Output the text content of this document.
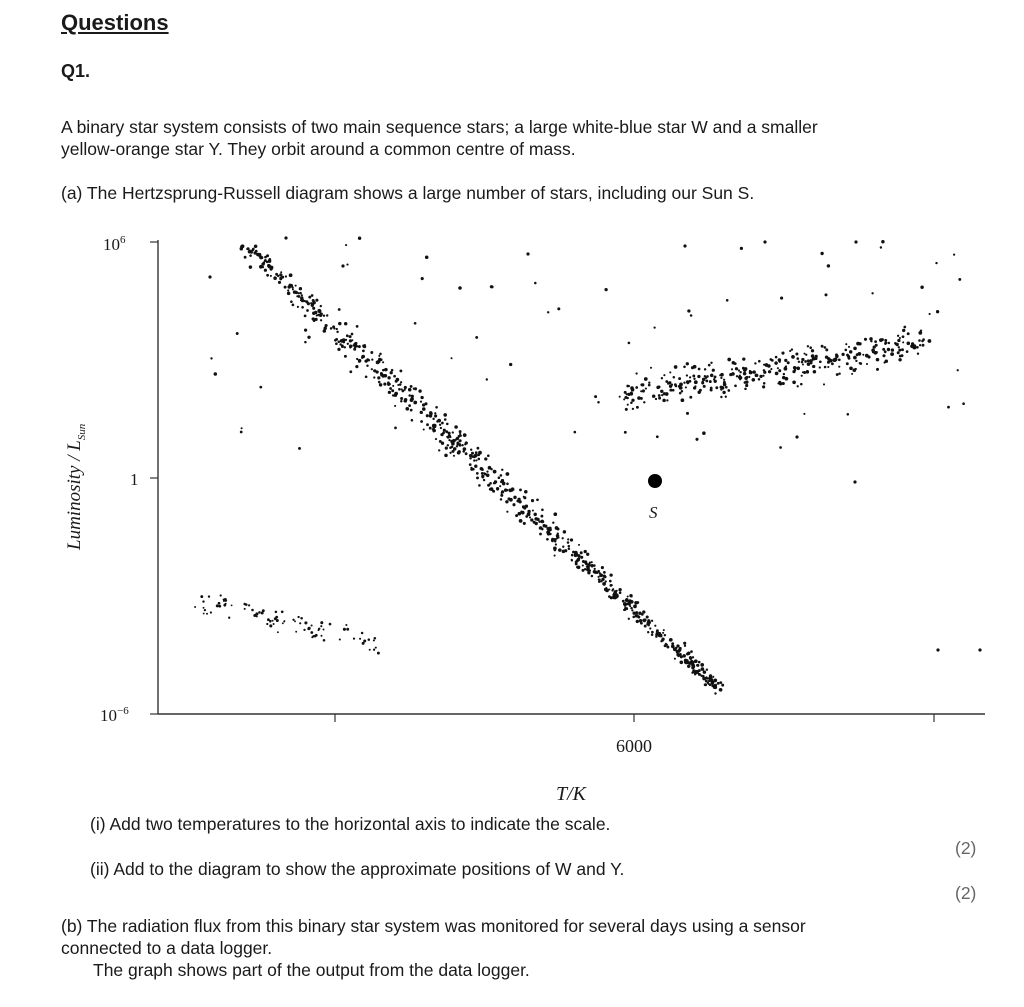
Questions
Q1.
A binary star system consists of two main sequence stars; a large white-blue star W and a smaller
yellow-orange star Y. They orbit around a common centre of mass.
(a) The Hertzsprung-Russell diagram shows a large number of stars, including our Sun S.
$10^6$
1
$10^{-6}$
Luminosity / $L_{Sun}$
6000
T/K
S
(i) Add two temperatures to the horizontal axis to indicate the scale.
(2)
(ii) Add to the diagram to show the approximate positions of W and Y.
(2)
(b) The radiation flux from this binary star system was monitored for several days using a sensor
connected to a data logger.
The graph shows part of the output from the data logger.
